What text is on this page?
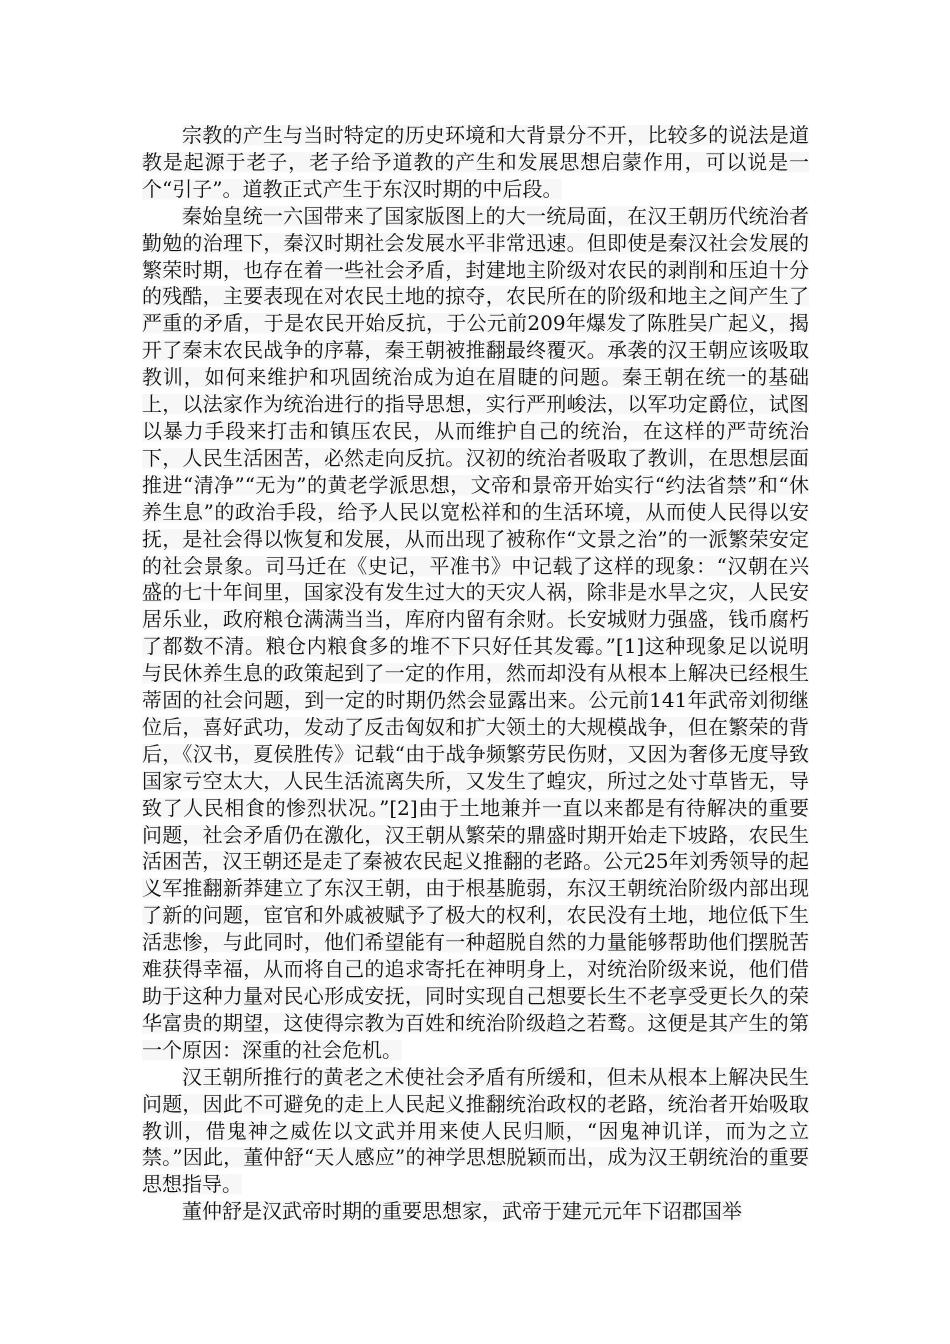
宗教的产生与当时特定的历史环境和大背景分不开，比较多的说法是道教是起源于老子，老子给予道教的产生和发展思想启蒙作用，可以说是一个“引子”。道教正式产生于东汉时期的中后段。

秦始皇统一六国带来了国家版图上的大一统局面，在汉王朝历代统治者勤勉的治理下，秦汉时期社会发展水平非常迅速。但即使是秦汉社会发展的繁荣时期，也存在着一些社会矛盾，封建地主阶级对农民的剥削和压迫十分的残酷，主要表现在对农民土地的掠夺，农民所在的阶级和地主之间产生了严重的矛盾，于是农民开始反抗，于公元前209年爆发了陈胜吴广起义，揭开了秦末农民战争的序幕，秦王朝被推翻最终覆灭。承袭的汉王朝应该吸取教训，如何来维护和巩固统治成为迫在眉睫的问题。秦王朝在统一的基础上，以法家作为统治进行的指导思想，实行严刑峻法，以军功定爵位，试图以暴力手段来打击和镇压农民，从而维护自己的统治，在这样的严苛统治下，人民生活困苦，必然走向反抗。汉初的统治者吸取了教训，在思想层面推进“清净”“无为”的黄老学派思想，文帝和景帝开始实行“约法省禁”和“休养生息”的政治手段，给予人民以宽松祥和的生活环境，从而使人民得以安抚，是社会得以恢复和发展，从而出现了被称作“文景之治”的一派繁荣安定的社会景象。司马迁在《史记，平准书》中记载了这样的现象：“汉朝在兴盛的七十年间里，国家没有发生过大的天灾人祸，除非是水旱之灾，人民安居乐业，政府粮仓满满当当，库府内留有余财。长安城财力强盛，钱币腐朽了都数不清。粮仓内粮食多的堆不下只好任其发霉。”[1]这种现象足以说明与民休养生息的政策起到了一定的作用，然而却没有从根本上解决已经根生蒂固的社会问题，到一定的时期仍然会显露出来。公元前141年武帝刘彻继位后，喜好武功，发动了反击匈奴和扩大领土的大规模战争，但在繁荣的背后，《汉书，夏侯胜传》记载“由于战争频繁劳民伤财，又因为奢侈无度导致国家亏空太大，人民生活流离失所，又发生了蝗灾，所过之处寸草皆无，导致了人民相食的惨烈状况。”[2]由于土地兼并一直以来都是有待解决的重要问题，社会矛盾仍在激化，汉王朝从繁荣的鼎盛时期开始走下坡路，农民生活困苦，汉王朝还是走了秦被农民起义推翻的老路。公元25年刘秀领导的起义军推翻新莽建立了东汉王朝，由于根基脆弱，东汉王朝统治阶级内部出现了新的问题，宦官和外戚被赋予了极大的权利，农民没有土地，地位低下生活悲惨，与此同时，他们希望能有一种超脱自然的力量能够帮助他们摆脱苦难获得幸福，从而将自己的追求寄托在神明身上，对统治阶级来说，他们借助于这种力量对民心形成安抚，同时实现自己想要长生不老享受更长久的荣华富贵的期望，这使得宗教为百姓和统治阶级趋之若鹜。这便是其产生的第一个原因：深重的社会危机。

汉王朝所推行的黄老之术使社会矛盾有所缓和，但未从根本上解决民生问题，因此不可避免的走上人民起义推翻统治政权的老路，统治者开始吸取教训，借鬼神之威佐以文武并用来使人民归顺，“因鬼神讥详，而为之立禁。”因此，董仲舒“天人感应”的神学思想脱颖而出，成为汉王朝统治的重要思想指导。

董仲舒是汉武帝时期的重要思想家，武帝于建元元年下诏郡国举
